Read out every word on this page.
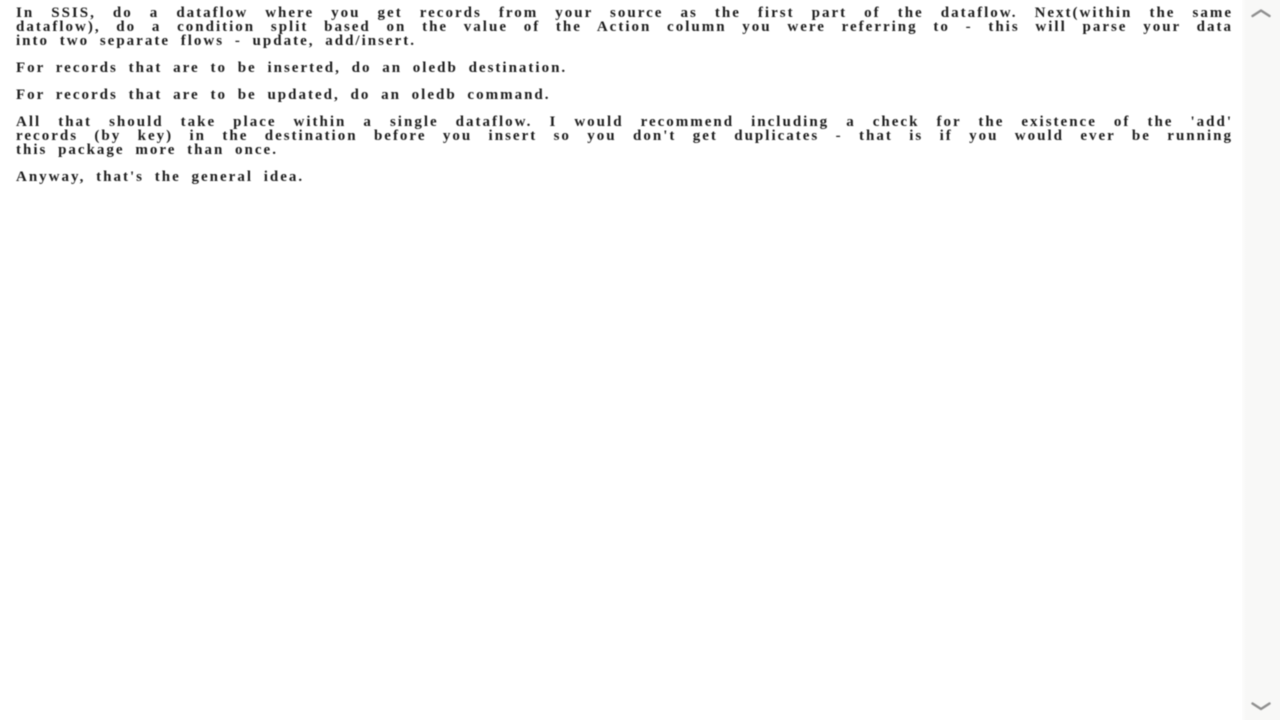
In SSIS, do a dataflow where you get records from your source as the first part of the dataflow. Next(within the same
dataflow), do a condition split based on the value of the Action column you were referring to - this will parse your data
into two separate flows - update, add/insert.
For records that are to be inserted, do an oledb destination.
For records that are to be updated, do an oledb command.
All that should take place within a single dataflow. I would recommend including a check for the existence of the 'add'
records (by key) in the destination before you insert so you don't get duplicates - that is if you would ever be running
this package more than once.
Anyway, that's the general idea.
